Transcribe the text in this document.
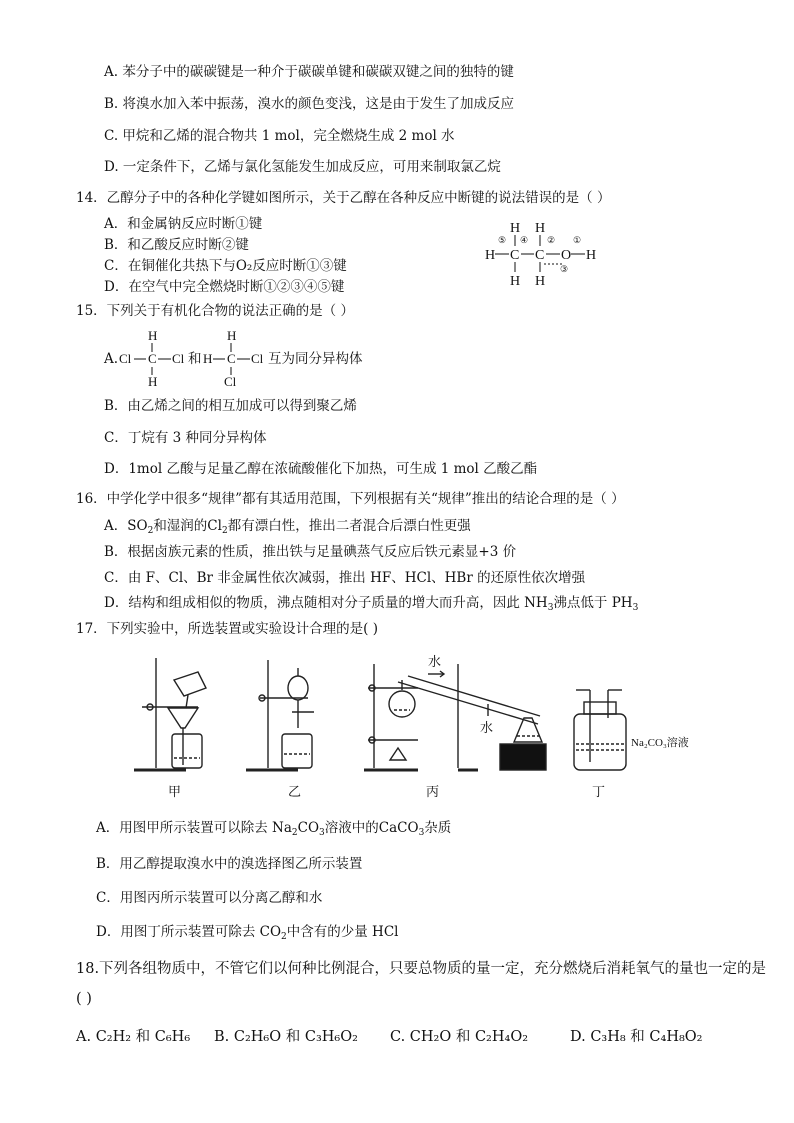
A. 苯分子中的碳碳键是一种介于碳碳单键和碳碳双键之间的独特的键
B. 将溴水加入苯中振荡，溴水的颜色变浅，这是由于发生了加成反应
C. 甲烷和乙烯的混合物共 1 mol，完全燃烧生成 2 mol 水
D. 一定条件下，乙烯与氯化氢能发生加成反应，可用来制取氯乙烷
14．乙醇分子中的各种化学键如图所示，关于乙醇在各种反应中断键的说法错误的是（ ）
A．和金属钠反应时断①键
B．和乙酸反应时断②键
C．在铜催化共热下与O₂反应时断①③键
D．在空气中完全燃烧时断①②③④⑤键
H H
H C C O H
H H
⑤ ④ ② ①
③
15．下列关于有机化合物的说法正确的是（ ）
A.
H
Cl C Cl
H
和
H
H C Cl
Cl
互为同分异构体
B．由乙烯之间的相互加成可以得到聚乙烯
C．丁烷有 3 种同分异构体
D．1mol 乙酸与足量乙醇在浓硫酸催化下加热，可生成 1 mol 乙酸乙酯
16．中学化学中很多“规律”都有其适用范围，下列根据有关“规律”推出的结论合理的是（ ）
A．$SO_2$和湿润的$Cl_2$都有漂白性，推出二者混合后漂白性更强
B．根据卤族元素的性质，推出铁与足量碘蒸气反应后铁元素显+3 价
C．由 F、Cl、Br 非金属性依次减弱，推出 HF、HCl、HBr 的还原性依次增强
D．结构和组成相似的物质，沸点随相对分子质量的增大而升高，因此 $NH_3$沸点低于 $PH_3$
17．下列实验中，所选装置或实验设计合理的是( )
水
水
甲	乙	丙	丁
Na₂CO₃溶液
A．用图甲所示装置可以除去 $Na_2CO_3$溶液中的CaCO$_3$杂质
B．用乙醇提取溴水中的溴选择图乙所示装置
C．用图丙所示装置可以分离乙醇和水
D．用图丁所示装置可除去 $CO_2$中含有的少量 HCl
18.下列各组物质中，不管它们以何种比例混合，只要总物质的量一定，充分燃烧后消耗氧气的量也一定的是
( )
A. C₂H₂ 和 C₆H₆ B. C₂H₆O 和 C₃H₆O₂ C. CH₂O 和 C₂H₄O₂	D. C₃H₈ 和 C₄H₈O₂
